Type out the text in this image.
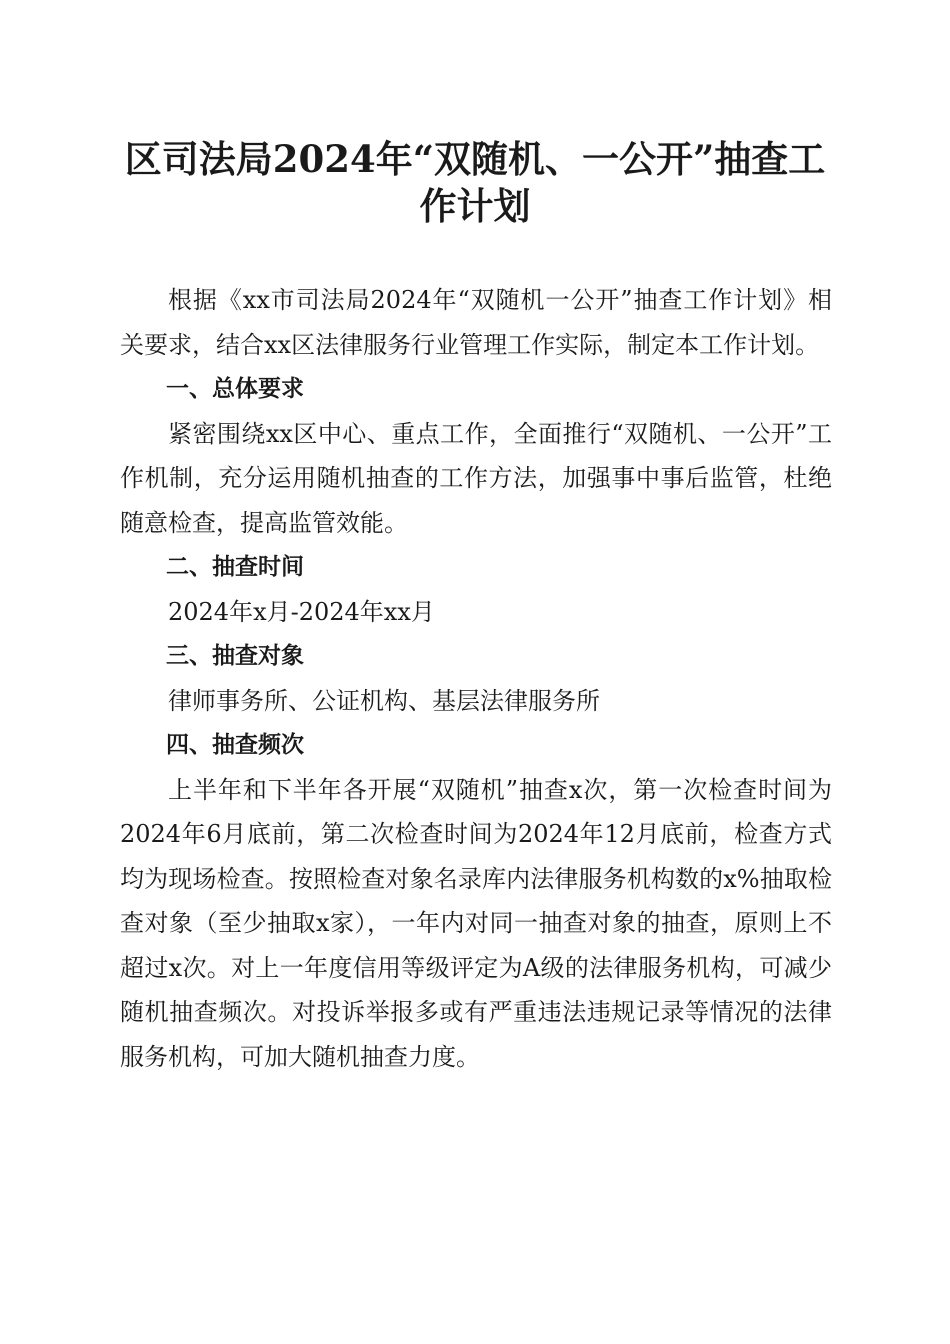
区司法局2024年“双随机、一公开”抽查工作计划

根据《xx市司法局2024年“双随机一公开”抽查工作计划》相关要求，结合xx区法律服务行业管理工作实际，制定本工作计划。

一、总体要求

紧密围绕xx区中心、重点工作，全面推行“双随机、一公开”工作机制，充分运用随机抽查的工作方法，加强事中事后监管，杜绝随意检查，提高监管效能。

二、抽查时间

2024年x月-2024年xx月

三、抽查对象

律师事务所、公证机构、基层法律服务所

四、抽查频次

上半年和下半年各开展“双随机”抽查x次，第一次检查时间为2024年6月底前，第二次检查时间为2024年12月底前，检查方式均为现场检查。按照检查对象名录库内法律服务机构数的x%抽取检查对象（至少抽取x家），一年内对同一抽查对象的抽查，原则上不超过x次。对上一年度信用等级评定为A级的法律服务机构，可减少随机抽查频次。对投诉举报多或有严重违法违规记录等情况的法律服务机构，可加大随机抽查力度。
